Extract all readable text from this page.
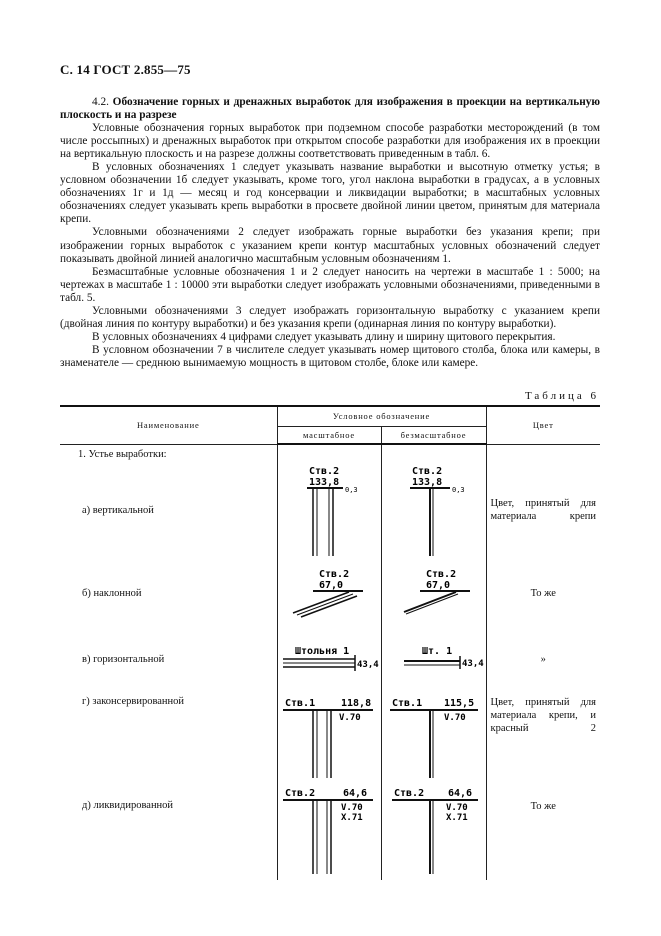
С. 14 ГОСТ 2.855—75

4.2. Обозначение горных и дренажных выработок для изображения в проекции на вертикальную плоскость и на разрезе

Условные обозначения горных выработок при подземном способе разработки месторождений (в том числе россыпных) и дренажных выработок при открытом способе разработки для изображения их в проекции на вертикальную плоскость и на разрезе должны соответствовать приведенным в табл. 6.

В условных обозначениях 1 следует указывать название выработки и высотную отметку устья; в условном обозначении 1б следует указывать, кроме того, угол наклона выработки в градусах, а в условных обозначениях 1г и 1д — месяц и год консервации и ликвидации выработки; в масштабных условных обозначениях следует указывать крепь выработки в просвете двойной линии цветом, принятым для материала крепи.

Условными обозначениями 2 следует изображать горные выработки без указания крепи; при изображении горных выработок с указанием крепи контур масштабных условных обозначений следует показывать двойной линией аналогично масштабным условным обозначениям 1.

Безмасштабные условные обозначения 1 и 2 следует наносить на чертежи в масштабе 1 : 5000; на чертежах в масштабе 1 : 10000 эти выработки следует изображать условными обозначениями, приведенными в табл. 5.

Условными обозначениями 3 следует изображать горизонтальную выработку с указанием крепи (двойная линия по контуру выработки) и без указания крепи (одинарная линия по контуру выработки).

В условных обозначениях 4 цифрами следует указывать длину и ширину щитового перекрытия.

В условном обозначении 7 в числителе следует указывать номер щитового столба, блока или камеры, в знаменателе — среднюю вынимаемую мощность в щитовом столбе, блоке или камере.

Таблица 6
Наименование	Условное обозначение		Цвет
	масштабное	безмасштабное	
1. Устье выработки:			
а) вертикальной	Ств.2
133,8
0,3	Ств.2
133,8
0,3	Цвет, принятый для материала крепи
б) наклонной	Ств.2
67,0	Ств.2
67,0	То же
в) горизонтальной	Штольня 1
43,4	Шт. 1
43,4	»
г) законсервированной	Ств.1 118,8
V.70	Ств.1 115,5
V.70	Цвет, принятый для материала крепи, и красный 2
д) ликвидированной	Ств.2 64,6
V.70
X.71	Ств.2 64,6
V.70
X.71	То же
